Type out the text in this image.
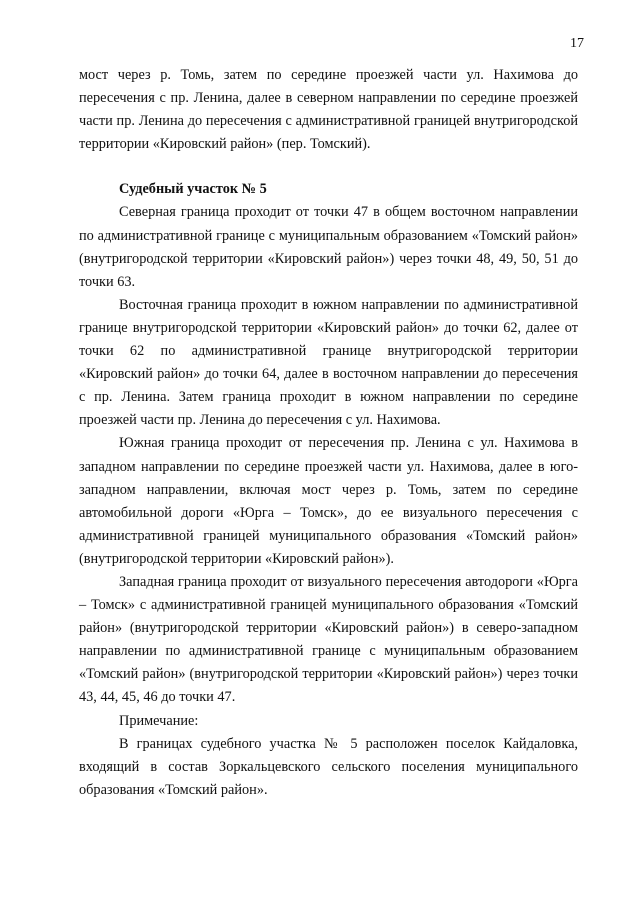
17

мост через р. Томь, затем по середине проезжей части ул. Нахимова до пересечения с пр. Ленина, далее в северном направлении по середине проезжей части пр. Ленина до пересечения с административной границей внутригородской территории «Кировский район» (пер. Томский).

Судебный участок № 5

Северная граница проходит от точки 47 в общем восточном направлении по административной границе с муниципальным образованием «Томский район» (внутригородской территории «Кировский район») через точки 48, 49, 50, 51 до точки 63.

Восточная граница проходит в южном направлении по административной границе внутригородской территории «Кировский район» до точки 62, далее от точки 62 по административной границе внутригородской территории «Кировский район» до точки 64, далее в восточном направлении до пересечения с пр. Ленина. Затем граница проходит в южном направлении по середине проезжей части пр. Ленина до пересечения с ул. Нахимова.

Южная граница проходит от пересечения пр. Ленина с ул. Нахимова в западном направлении по середине проезжей части ул. Нахимова, далее в юго-западном направлении, включая мост через р. Томь, затем по середине автомобильной дороги «Юрга – Томск», до ее визуального пересечения с административной границей муниципального образования «Томский район» (внутригородской территории «Кировский район»).

Западная граница проходит от визуального пересечения автодороги «Юрга – Томск» с административной границей муниципального образования «Томский район» (внутригородской территории «Кировский район») в северо-западном направлении по административной границе с муниципальным образованием «Томский район» (внутригородской территории «Кировский район») через точки 43, 44, 45, 46 до точки 47.

Примечание:

В границах судебного участка № 5 расположен поселок Кайдаловка, входящий в состав Зоркальцевского сельского поселения муниципального образования «Томский район».
